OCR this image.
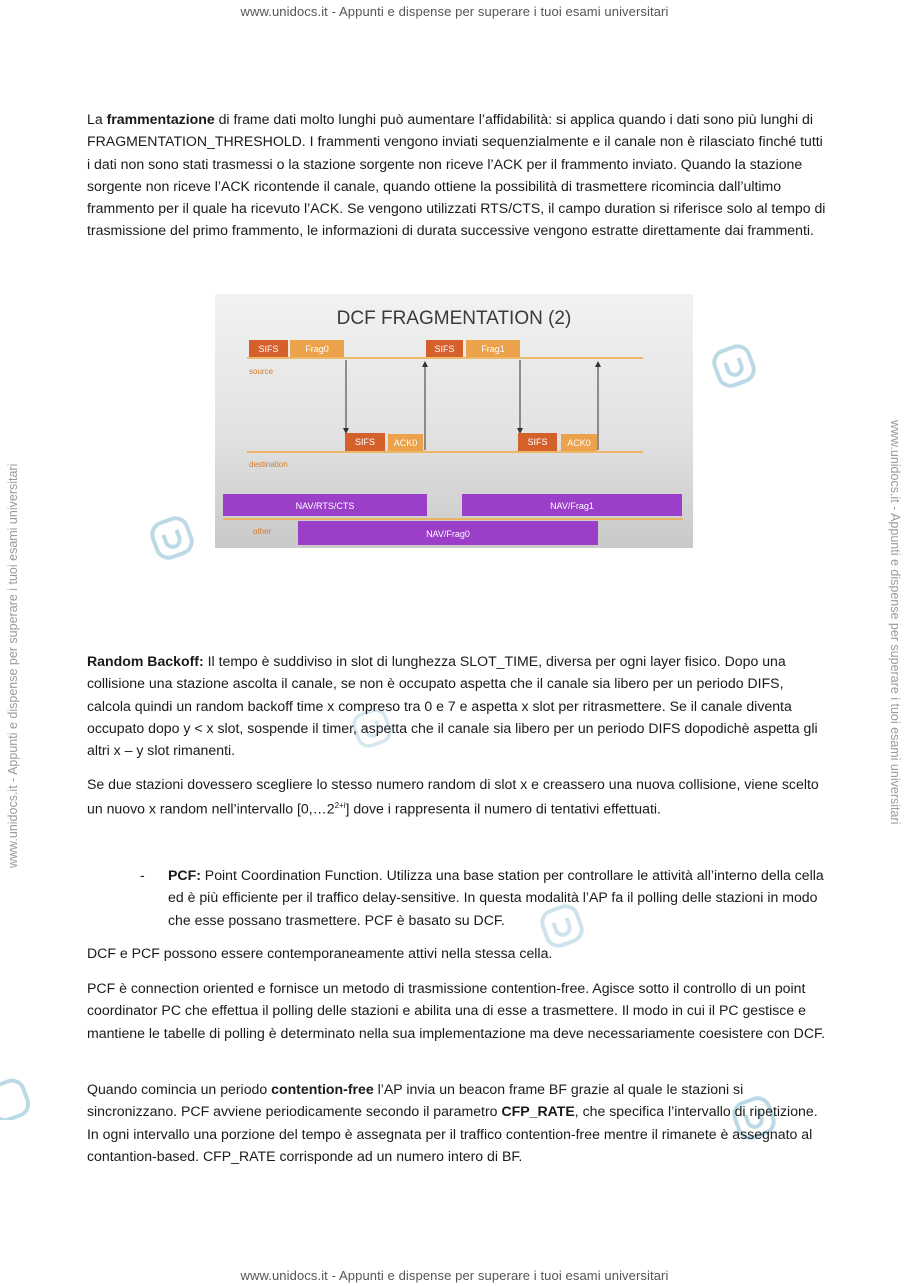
www.unidocs.it - Appunti e dispense per superare i tuoi esami universitari
www.unidocs.it - Appunti e dispense per superare i tuoi esami universitari
www.unidocs.it - Appunti e dispense per superare i tuoi esami universitari	www.unidocs.it - Appunti e dispense per superare i tuoi esami universitari

La frammentazione di frame dati molto lunghi può aumentare l’affidabilità: si applica quando i dati sono più lunghi di FRAGMENTATION_THRESHOLD. I frammenti vengono inviati sequenzialmente e il canale non è rilasciato finché tutti i dati non sono stati trasmessi o la stazione sorgente non riceve l’ACK per il frammento inviato. Quando la stazione sorgente non riceve l’ACK ricontende il canale, quando ottiene la possibilità di trasmettere ricomincia dall’ultimo frammento per il quale ha ricevuto l’ACK. Se vengono utilizzati RTS/CTS, il campo duration si riferisce solo al tempo di trasmissione del primo frammento, le informazioni di durata successive vengono estratte direttamente dai frammenti.

DCF FRAGMENTATION (2)
source
SIFS	Frag0	SIFS	Frag1
SIFS ACK0	SIFS ACK0
destination
NAV/RTS/CTS	NAV/Frag1
other	NAV/Frag0

Random Backoff: Il tempo è suddiviso in slot di lunghezza SLOT_TIME, diversa per ogni layer fisico. Dopo una collisione una stazione ascolta il canale, se non è occupato aspetta che il canale sia libero per un periodo DIFS, calcola quindi un random backoff time x compreso tra 0 e 7 e aspetta x slot per ritrasmettere. Se il canale diventa occupato dopo y < x slot, sospende il timer, aspetta che il canale sia libero per un periodo DIFS dopodichè aspetta gli altri x – y slot rimanenti.

Se due stazioni dovessero scegliere lo stesso numero random di slot x e creassero una nuova collisione, viene scelto un nuovo x random nell’intervallo $[0,\dots 2^{2+i}]$ dove i rappresenta il numero di tentativi effettuati.

- PCF: Point Coordination Function. Utilizza una base station per controllare le attività all’interno della cella ed è più efficiente per il traffico delay-sensitive. In questa modalità l’AP fa il polling delle stazioni in modo che esse possano trasmettere. PCF è basato su DCF.

DCF e PCF possono essere contemporaneamente attivi nella stessa cella.

PCF è connection oriented e fornisce un metodo di trasmissione contention-free. Agisce sotto il controllo di un point coordinator PC che effettua il polling delle stazioni e abilita una di esse a trasmettere. Il modo in cui il PC gestisce e mantiene le tabelle di polling è determinato nella sua implementazione ma deve necessariamente coesistere con DCF.

Quando comincia un periodo contention-free l’AP invia un beacon frame BF grazie al quale le stazioni si sincronizzano. PCF avviene periodicamente secondo il parametro CFP_RATE, che specifica l’intervallo di ripetizione. In ogni intervallo una porzione del tempo è assegnata per il traffico contention-free mentre il rimanete è assegnato al contantion-based. CFP_RATE corrisponde ad un numero intero di BF.
